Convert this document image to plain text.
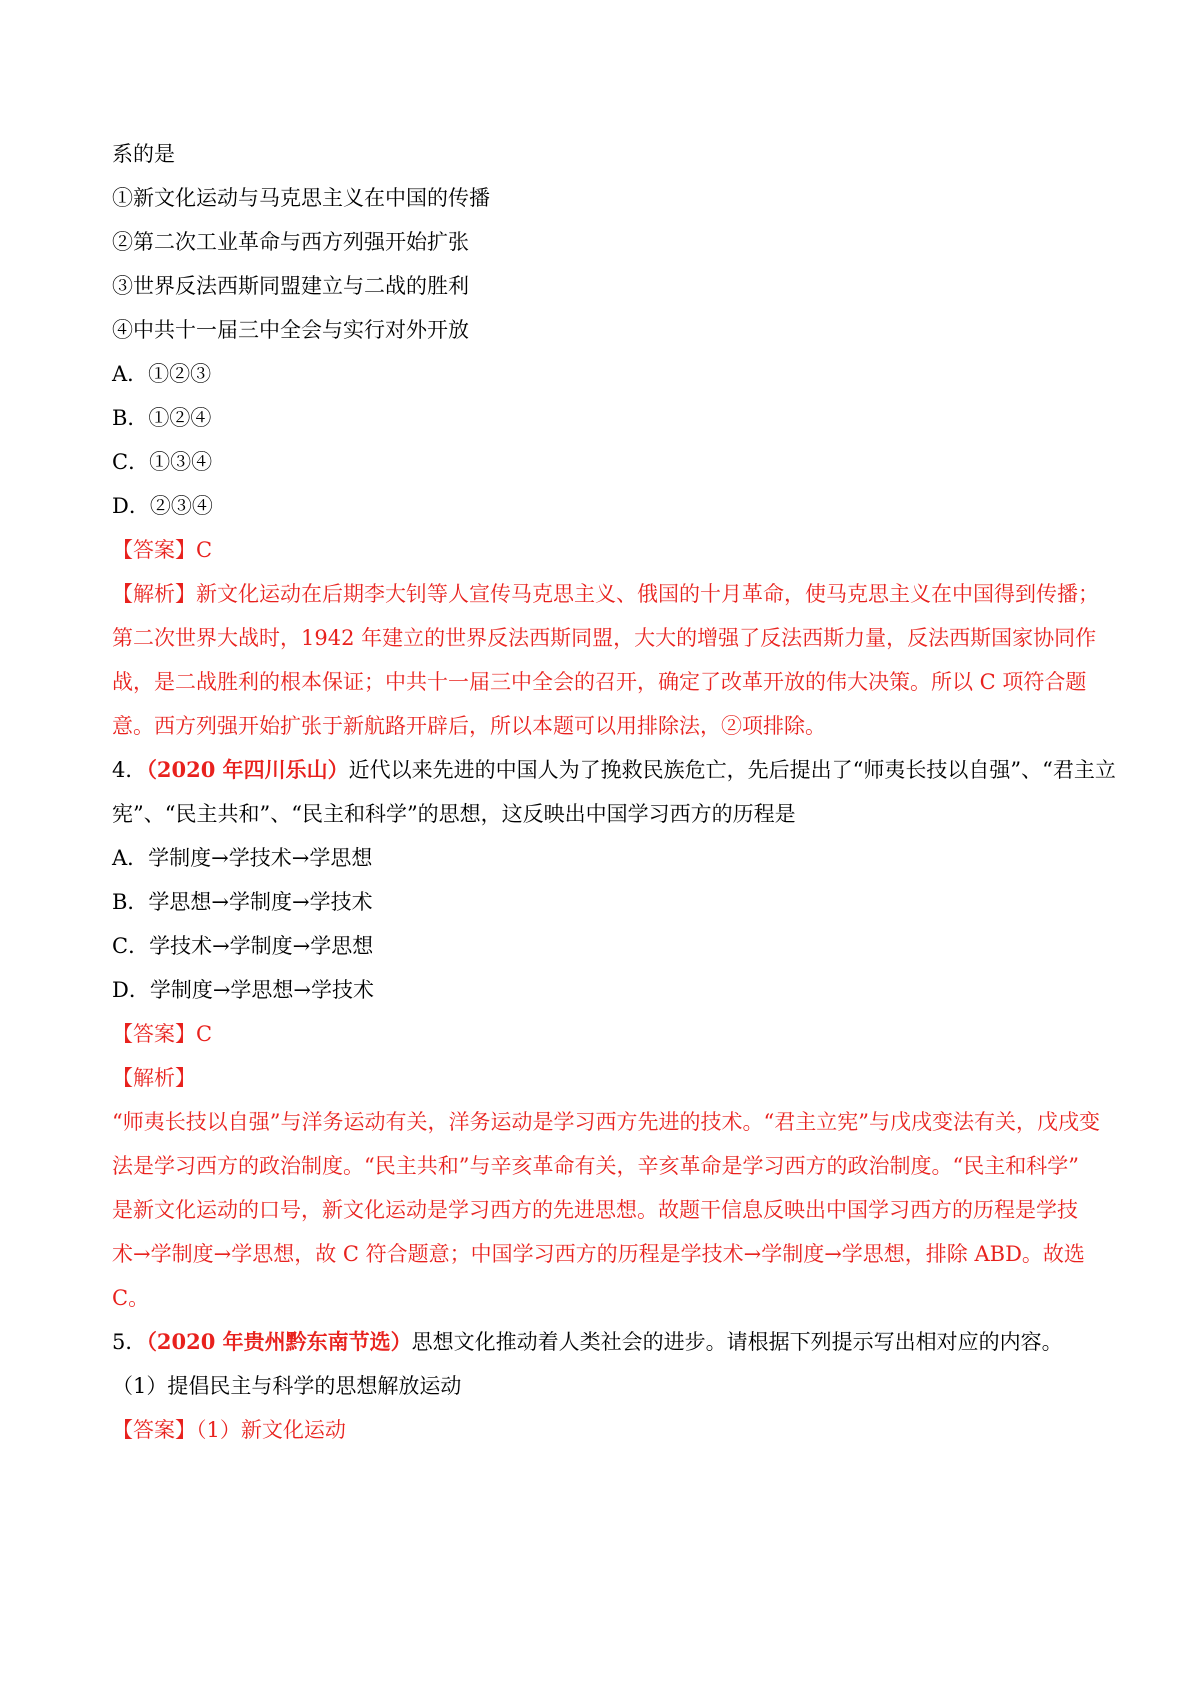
系的是
①新文化运动与马克思主义在中国的传播
②第二次工业革命与西方列强开始扩张
③世界反法西斯同盟建立与二战的胜利
④中共十一届三中全会与实行对外开放
A．①②③
B．①②④
C．①③④
D．②③④
【答案】C
【解析】新文化运动在后期李大钊等人宣传马克思主义、俄国的十月革命，使马克思主义在中国得到传播；
第二次世界大战时，1942 年建立的世界反法西斯同盟，大大的增强了反法西斯力量，反法西斯国家协同作
战，是二战胜利的根本保证；中共十一届三中全会的召开，确定了改革开放的伟大决策。所以 C 项符合题
意。西方列强开始扩张于新航路开辟后，所以本题可以用排除法，②项排除。
4．（2020 年四川乐山）近代以来先进的中国人为了挽救民族危亡，先后提出了“师夷长技以自强”、“君主立
宪”、“民主共和”、“民主和科学”的思想，这反映出中国学习西方的历程是
A．学制度→学技术→学思想
B．学思想→学制度→学技术
C．学技术→学制度→学思想
D．学制度→学思想→学技术
【答案】C
【解析】
“师夷长技以自强”与洋务运动有关，洋务运动是学习西方先进的技术。“君主立宪”与戊戌变法有关，戊戌变
法是学习西方的政治制度。“民主共和”与辛亥革命有关，辛亥革命是学习西方的政治制度。“民主和科学”
是新文化运动的口号，新文化运动是学习西方的先进思想。故题干信息反映出中国学习西方的历程是学技
术→学制度→学思想，故 C 符合题意；中国学习西方的历程是学技术→学制度→学思想，排除 ABD。故选
C。
5．（2020 年贵州黔东南节选）思想文化推动着人类社会的进步。请根据下列提示写出相对应的内容。
（1）提倡民主与科学的思想解放运动
【答案】（1）新文化运动
